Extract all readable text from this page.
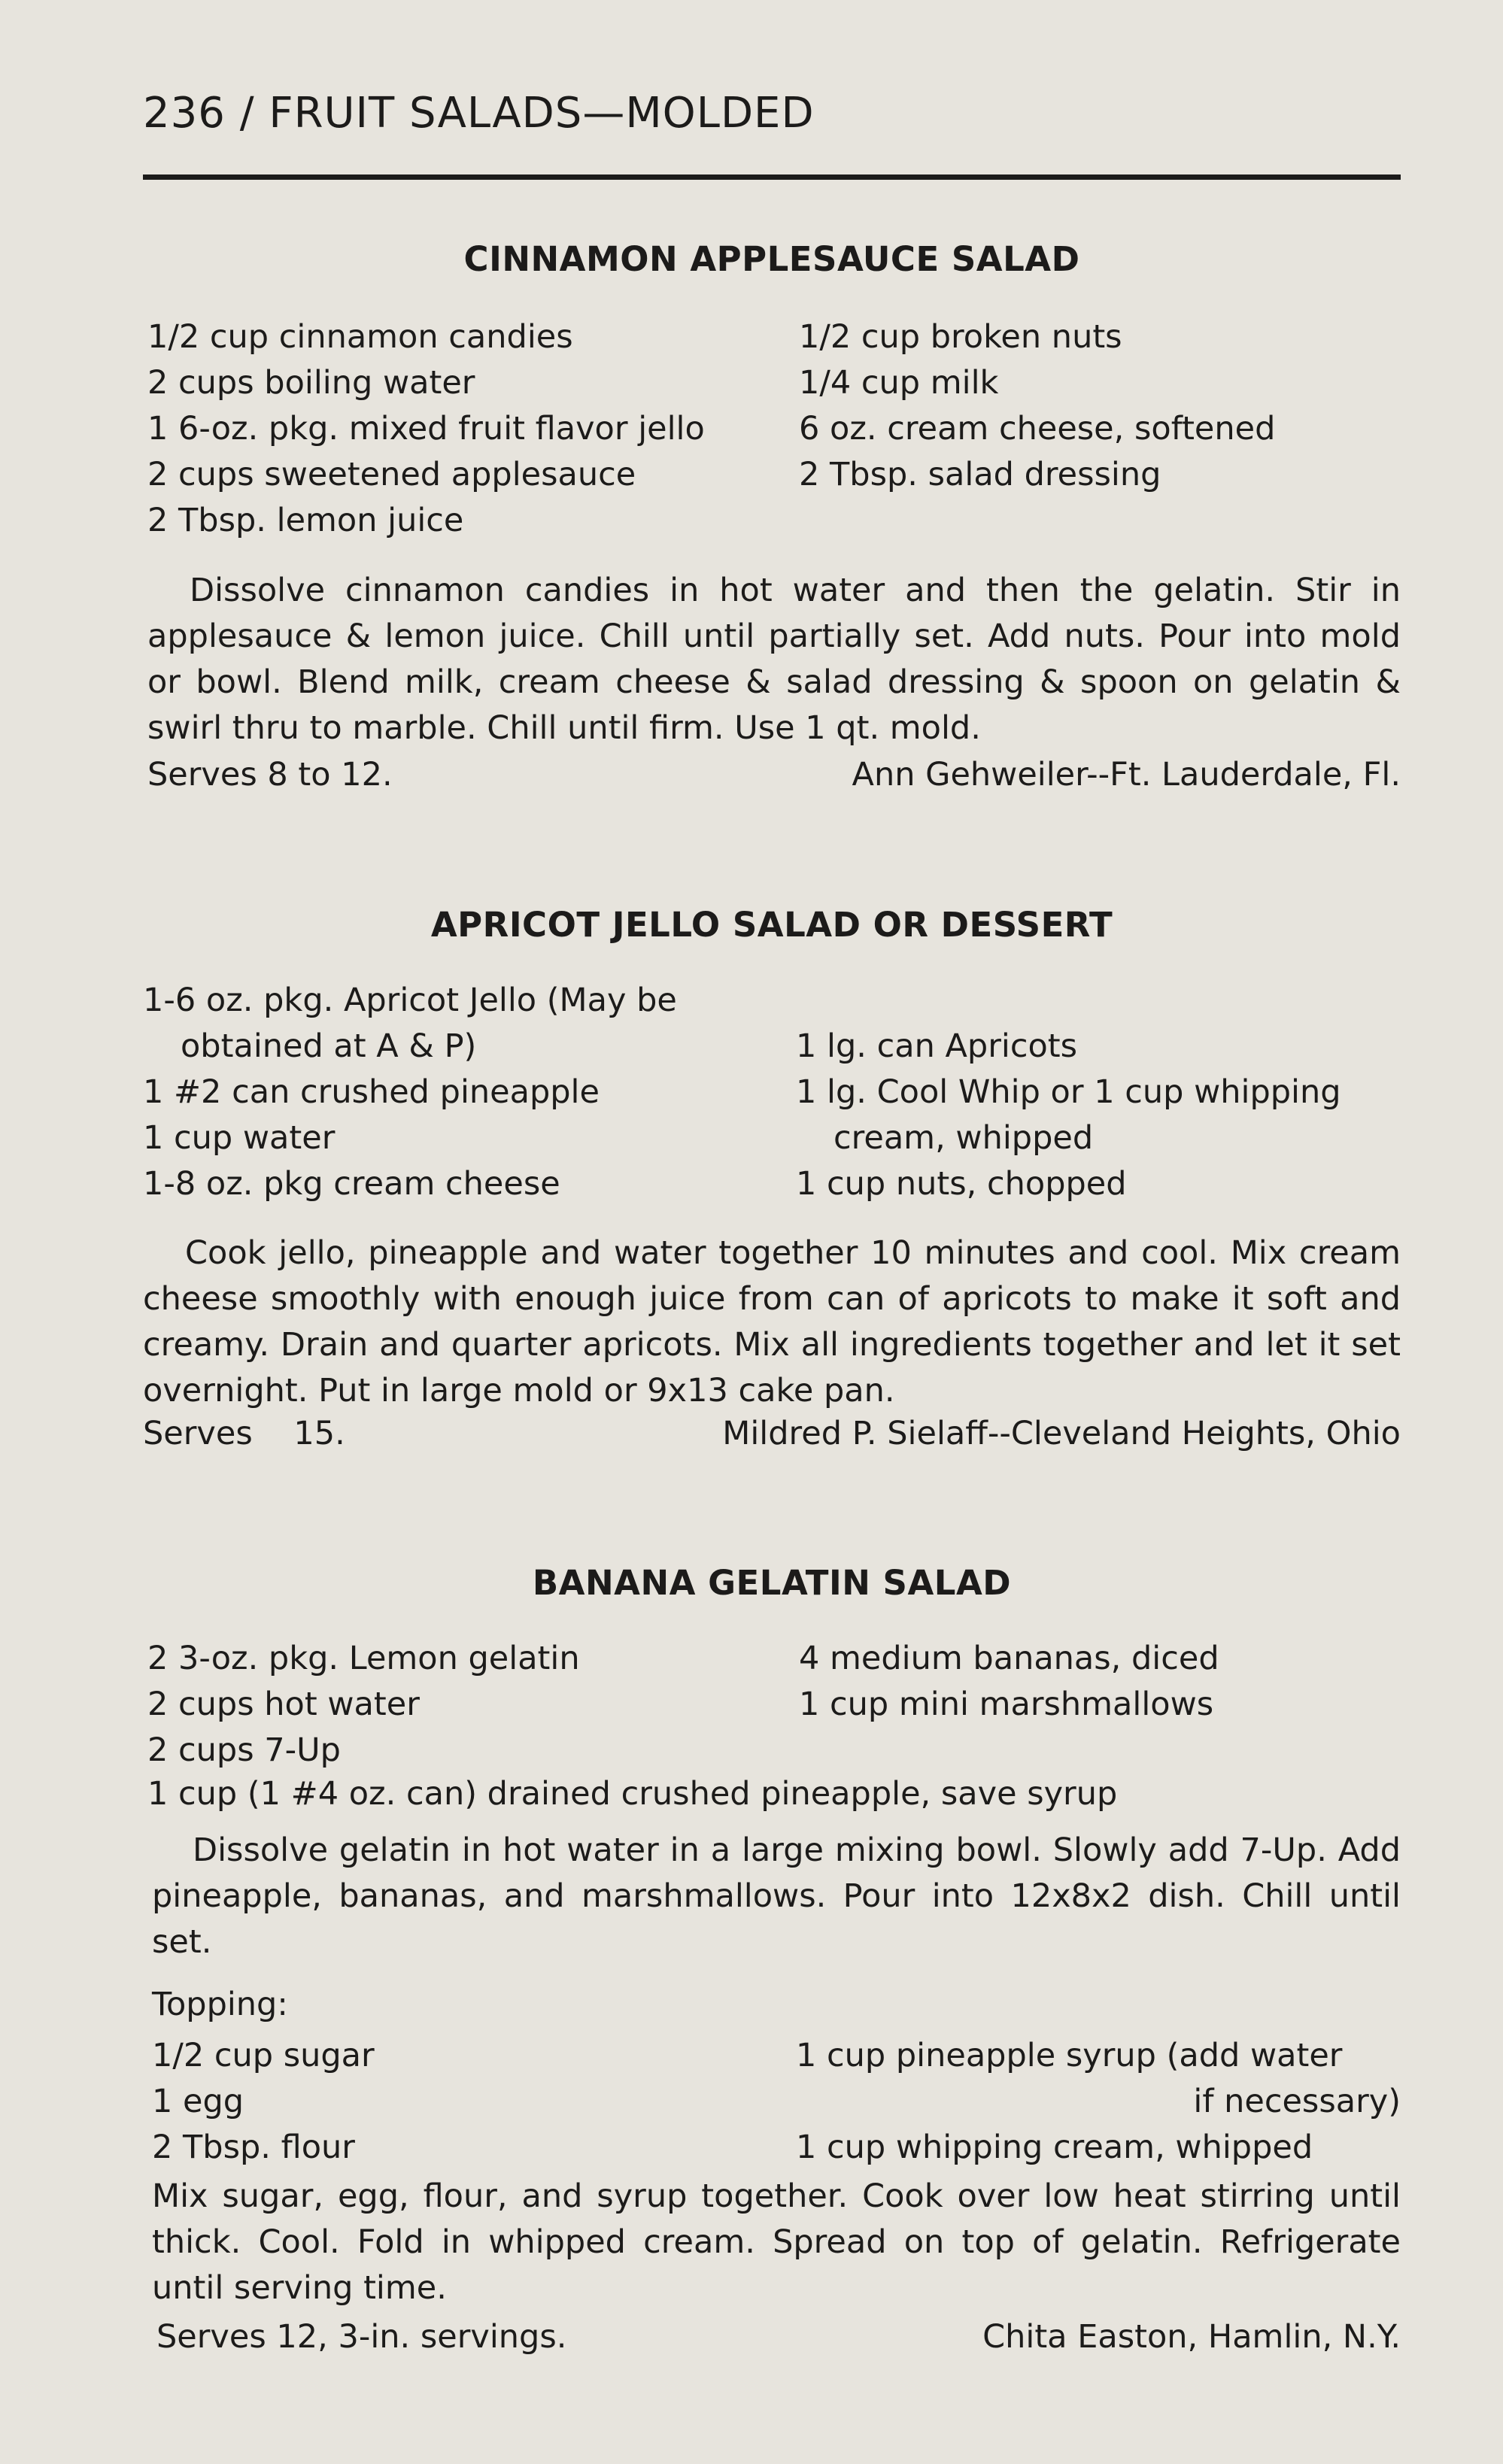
236 / FRUIT SALADS—MOLDED
CINNAMON APPLESAUCE SALAD
1/2 cup cinnamon candies
2 cups boiling water
1 6-oz. pkg. mixed fruit flavor jello
2 cups sweetened applesauce
2 Tbsp. lemon juice
1/2 cup broken nuts
1/4 cup milk
6 oz. cream cheese, softened
2 Tbsp. salad dressing
Dissolve cinnamon candies in hot water and then the gelatin. Stir in applesauce & lemon juice. Chill until partially set. Add nuts. Pour into mold or bowl. Blend milk, cream cheese & salad dressing & spoon on gelatin & swirl thru to marble. Chill until firm. Use 1 qt. mold.
Serves 8 to 12.	Ann Gehweiler--Ft. Lauderdale, Fl.
APRICOT JELLO SALAD OR DESSERT
1-6 oz. pkg. Apricot Jello (May be
obtained at A & P)
1 #2 can crushed pineapple
1 cup water
1-8 oz. pkg cream cheese
1 lg. can Apricots
1 lg. Cool Whip or 1 cup whipping
cream, whipped
1 cup nuts, chopped
Cook jello, pineapple and water together 10 minutes and cool. Mix cream cheese smoothly with enough juice from can of apricots to make it soft and creamy. Drain and quarter apricots. Mix all ingredients together and let it set overnight. Put in large mold or 9x13 cake pan.
Serves    15.	Mildred P. Sielaff--Cleveland Heights, Ohio
BANANA GELATIN SALAD
2 3-oz. pkg. Lemon gelatin
2 cups hot water
2 cups 7-Up
4 medium bananas, diced
1 cup mini marshmallows
1 cup (1 #4 oz. can) drained crushed pineapple, save syrup
Dissolve gelatin in hot water in a large mixing bowl. Slowly add 7-Up. Add pineapple, bananas, and marshmallows. Pour into 12x8x2 dish. Chill until set.
Topping:
1/2 cup sugar
1 egg
2 Tbsp. flour
1 cup pineapple syrup (add water
if necessary)
1 cup whipping cream, whipped
Mix sugar, egg, flour, and syrup together. Cook over low heat stirring until thick. Cool. Fold in whipped cream. Spread on top of gelatin. Refrigerate until serving time.
Serves 12, 3-in. servings.	Chita Easton, Hamlin, N.Y.
